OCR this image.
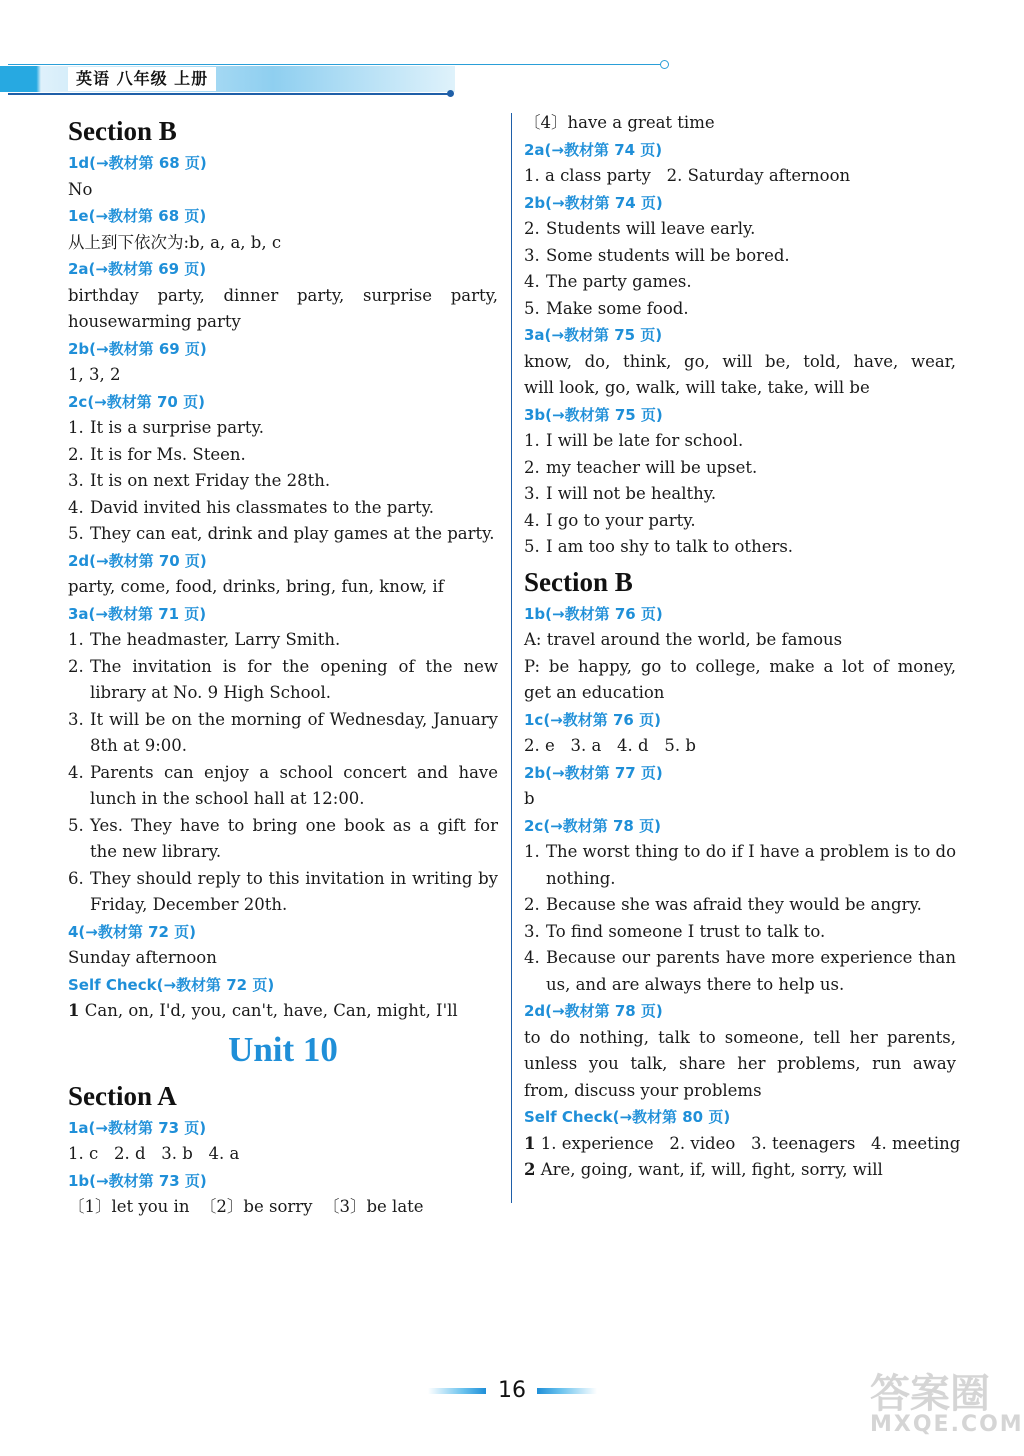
英语 八年级 上册
Section B
1d(→教材第 68 页)
No
1e(→教材第 68 页)
从上到下依次为:b, a, a, b, c
2a(→教材第 69 页)
birthday party, dinner party, surprise party,
housewarming party
2b(→教材第 69 页)
1, 3, 2
2c(→教材第 70 页)
1. It is a surprise party.
2. It is for Ms. Steen.
3. It is on next Friday the 28th.
4. David invited his classmates to the party.
5. They can eat, drink and play games at the party.
2d(→教材第 70 页)
party, come, food, drinks, bring, fun, know, if
3a(→教材第 71 页)
1. The headmaster, Larry Smith.
2. The invitation is for the opening of the new library at No. 9 High School.
3. It will be on the morning of Wednesday, January 8th at 9:00.
4. Parents can enjoy a school concert and have lunch in the school hall at 12:00.
5. Yes. They have to bring one book as a gift for the new library.
6. They should reply to this invitation in writing by Friday, December 20th.
4(→教材第 72 页)
Sunday afternoon
Self Check(→教材第 72 页)
1 Can, on, I'd, you, can't, have, Can, might, I'll
Unit 10
Section A
1a(→教材第 73 页)
1. c   2. d   3. b   4. a
1b(→教材第 73 页)
〔1〕let you in  〔2〕be sorry  〔3〕be late
〔4〕have a great time
2a(→教材第 74 页)
1. a class party   2. Saturday afternoon
2b(→教材第 74 页)
2. Students will leave early.
3. Some students will be bored.
4. The party games.
5. Make some food.
3a(→教材第 75 页)
know, do, think, go, will be, told, have, wear,
will look, go, walk, will take, take, will be
3b(→教材第 75 页)
1. I will be late for school.
2. my teacher will be upset.
3. I will not be healthy.
4. I go to your party.
5. I am too shy to talk to others.
Section B
1b(→教材第 76 页)
A: travel around the world, be famous
P: be happy, go to college, make a lot of money,
get an education
1c(→教材第 76 页)
2. e   3. a   4. d   5. b
2b(→教材第 77 页)
b
2c(→教材第 78 页)
1. The worst thing to do if I have a problem is to do nothing.
2. Because she was afraid they would be angry.
3. To find someone I trust to talk to.
4. Because our parents have more experience than us, and are always there to help us.
2d(→教材第 78 页)
to do nothing, talk to someone, tell her parents,
unless you talk, share her problems, run away
from, discuss your problems
Self Check(→教材第 80 页)
1 1. experience   2. video   3. teenagers   4. meeting
2 Are, going, want, if, will, fight, sorry, will
16	答案圈
MXQE.COM
